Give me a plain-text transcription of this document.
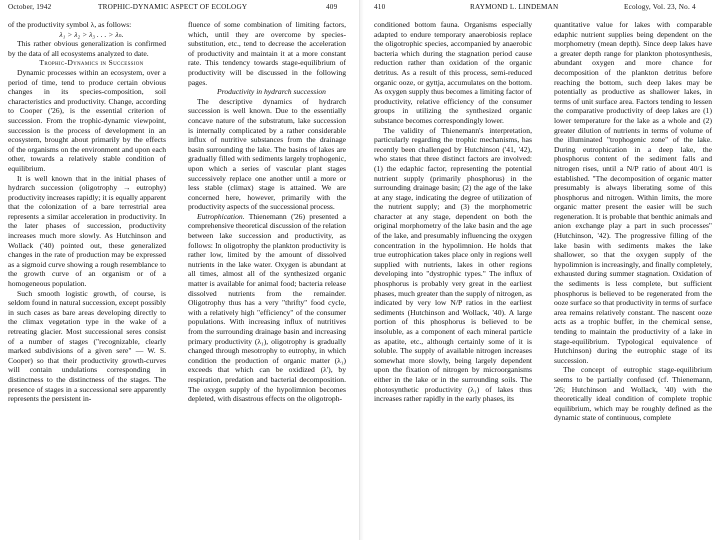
October, 1942	TROPHIC-DYNAMIC ASPECT OF ECOLOGY	409

of the productivity symbol λ, as follows:

λ₁ > λ₂ > λ₃ . . . > λₙ.

This rather obvious generalization is confirmed by the data of all ecosystems analyzed to date.

Trophic-Dynamics in Succession

Dynamic processes within an ecosystem, over a period of time, tend to produce certain obvious changes in its species-composition, soil characteristics and productivity. Change, according to Cooper ('26), is the essential criterion of succession. From the trophic-dynamic viewpoint, succession is the process of development in an ecosystem, brought about primarily by the effects of the organisms on the environment and upon each other, towards a relatively stable condition of equilibrium.

It is well known that in the initial phases of hydrarch succession (oligotrophy → eutrophy) productivity increases rapidly; it is equally apparent that the colonization of a bare terrestrial area represents a similar acceleration in productivity. In the later phases of succession, productivity increases much more slowly. As Hutchinson and Wollack ('40) pointed out, these generalized changes in the rate of production may be expressed as a sigmoid curve showing a rough resemblance to the growth curve of an organism or of a homogeneous population.

Such smooth logistic growth, of course, is seldom found in natural succession, except possibly in such cases as bare areas developing directly to the climax vegetation type in the wake of a retreating glacier. Most successional seres consist of a number of stages ("recognizable, clearly marked subdivisions of a given sere" — W. S. Cooper) so that their productivity growth-curves will contain undulations corresponding in distinctness to the distinctness of the stages. The presence of stages in a successional sere apparently represents the persistent in-

fluence of some combination of limiting factors, which, until they are overcome by species-substitution, etc., tend to decrease the acceleration of productivity and maintain it at a more constant rate. This tendency towards stage-equilibrium of productivity will be discussed in the following pages.

Productivity in hydrarch succession

The descriptive dynamics of hydrarch succession is well known. Due to the essentially concave nature of the substratum, lake succession is internally complicated by a rather considerable influx of nutritive substances from the drainage basin surrounding the lake. The basins of lakes are gradually filled with sediments largely trophogenic, upon which a series of vascular plant stages successively replace one another until a more or less stable (climax) stage is attained. We are concerned here, however, primarily with the productivity aspects of the successional process.

Eutrophication. Thienemann ('26) presented a comprehensive theoretical discussion of the relation between lake succession and productivity, as follows: In oligotrophy the plankton productivity is rather low, limited by the amount of dissolved nutrients in the lake water. Oxygen is abundant at all times, almost all of the synthesized organic matter is available for animal food; bacteria release dissolved nutrients from the remainder. Oligotrophy thus has a very "thrifty" food cycle, with a relatively high "efficiency" of the consumer populations. With increasing influx of nutritives from the surrounding drainage basin and increasing primary productivity (λ₁), oligotrophy is gradually changed through mesotrophy to eutrophy, in which condition the production of organic matter (λ₁) exceeds that which can be oxidized (λ'), by respiration, predation and bacterial decomposition. The oxygen supply of the hypolimnion becomes depleted, with disastrous effects on the oligotroph-

410	RAYMOND L. LINDEMAN	Ecology, Vol. 23, No. 4

conditioned bottom fauna. Organisms especially adapted to endure temporary anaerobiosis replace the oligotrophic species, accompanied by anaerobic bacteria which during the stagnation period cause reduction rather than oxidation of the organic detritus. As a result of this process, semi-reduced organic ooze, or gyttja, accumulates on the bottom. As oxygen supply thus becomes a limiting factor of productivity, relative efficiency of the consumer groups in utilizing the synthesized organic substance becomes correspondingly lower.

The validity of Thienemann's interpretation, particularly regarding the trophic mechanisms, has recently been challenged by Hutchinson ('41, '42), who states that three distinct factors are involved: (1) the edaphic factor, representing the potential nutrient supply (primarily phosphorus) in the surrounding drainage basin; (2) the age of the lake at any stage, indicating the degree of utilization of the nutrient supply; and (3) the morphometric character at any stage, dependent on both the original morphometry of the lake basin and the age of the lake, and presumably influencing the oxygen concentration in the hypolimnion. He holds that true eutrophication takes place only in regions well supplied with nutrients, lakes in other regions developing into "dystrophic types." The influx of phosphorus is probably very great in the earliest phases, much greater than the supply of nitrogen, as indicated by very low N/P ratios in the earliest sediments (Hutchinson and Wollack, '40). A large portion of this phosphorus is believed to be insoluble, as a component of each mineral particle as apatite, etc., although certainly some of it is soluble. The supply of available nitrogen increases somewhat more slowly, being largely dependent upon the fixation of nitrogen by microorganisms either in the lake or in the surrounding soils. The photosynthetic productivity (λ₁) of lakes thus increases rather rapidly in the early phases, its

quantitative value for lakes with comparable edaphic nutrient supplies being dependent on the morphometry (mean depth). Since deep lakes have a greater depth range for plankton photosynthesis, abundant oxygen and more chance for decomposition of the plankton detritus before reaching the bottom, such deep lakes may be potentially as productive as shallower lakes, in terms of unit surface area. Factors tending to lessen the comparative productivity of deep lakes are (1) lower temperature for the lake as a whole and (2) greater dilution of nutrients in terms of volume of the illuminated "trophogenic zone" of the lake. During eutrophication in a deep lake, the phosphorus content of the sediment falls and nitrogen rises, until a N/P ratio of about 40/1 is established. "The decomposition of organic matter presumably is always liberating some of this phosphorus and nitrogen. Within limits, the more organic matter present the easier will be such regeneration. It is probable that benthic animals and anion exchange play a part in such processes" (Hutchinson, '42). The progressive filling of the lake basin with sediments makes the lake shallower, so that the oxygen supply of the hypolimnion is increasingly, and finally completely, exhausted during summer stagnation. Oxidation of the sediments is less complete, but sufficient phosphorus is believed to be regenerated from the ooze surface so that productivity in terms of surface area remains relatively constant. The nascent ooze acts as a trophic buffer, in the chemical sense, tending to maintain the productivity of a lake in stage-equilibrium. Typological equivalence of Hutchinson) during the eutrophic stage of its succession.

The concept of eutrophic stage-equilibrium seems to be partially confused (cf. Thienemann, '26; Hutchinson and Wollack, '40) with the theoretically ideal condition of complete trophic equilibrium, which may be roughly defined as the dynamic state of continuous, complete
